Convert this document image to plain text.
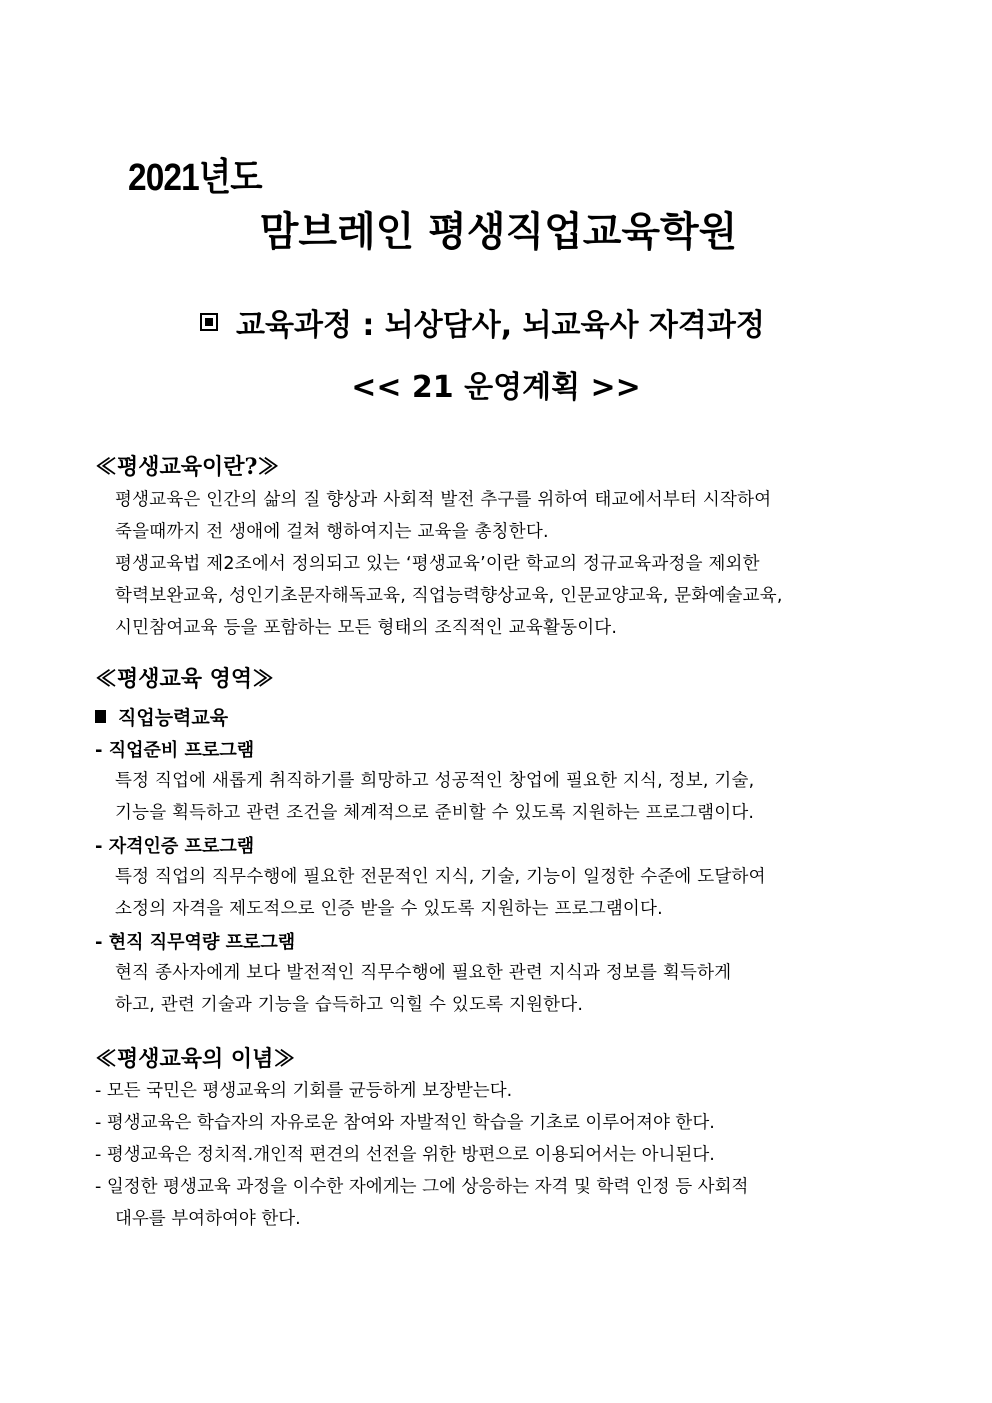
2021년도
맘브레인 평생직업교육학원
교육과정 : 뇌상담사, 뇌교육사 자격과정
<< 21 운영계획 >>
≪평생교육이란?≫
평생교육은 인간의 삶의 질 향상과 사회적 발전 추구를 위하여 태교에서부터 시작하여
죽을때까지 전 생애에 걸쳐 행하여지는 교육을 총칭한다.
평생교육법 제2조에서 정의되고 있는 ‘평생교육’이란 학교의 정규교육과정을 제외한
학력보완교육, 성인기초문자해독교육, 직업능력향상교육, 인문교양교육, 문화예술교육,
시민참여교육 등을 포함하는 모든 형태의 조직적인 교육활동이다.
≪평생교육 영역≫
직업능력교육
- 직업준비 프로그램
특정 직업에 새롭게 취직하기를 희망하고 성공적인 창업에 필요한 지식, 정보, 기술,
기능을 획득하고 관련 조건을 체계적으로 준비할 수 있도록 지원하는 프로그램이다.
- 자격인증 프로그램
특정 직업의 직무수행에 필요한 전문적인 지식, 기술, 기능이 일정한 수준에 도달하여
소정의 자격을 제도적으로 인증 받을 수 있도록 지원하는 프로그램이다.
- 현직 직무역량 프로그램
현직 종사자에게 보다 발전적인 직무수행에 필요한 관련 지식과 정보를 획득하게
하고, 관련 기술과 기능을 습득하고 익힐 수 있도록 지원한다.
≪평생교육의 이념≫
- 모든 국민은 평생교육의 기회를 균등하게 보장받는다.
- 평생교육은 학습자의 자유로운 참여와 자발적인 학습을 기초로 이루어져야 한다.
- 평생교육은 정치적.개인적 편견의 선전을 위한 방편으로 이용되어서는 아니된다.
- 일정한 평생교육 과정을 이수한 자에게는 그에 상응하는 자격 및 학력 인정 등 사회적
대우를 부여하여야 한다.
